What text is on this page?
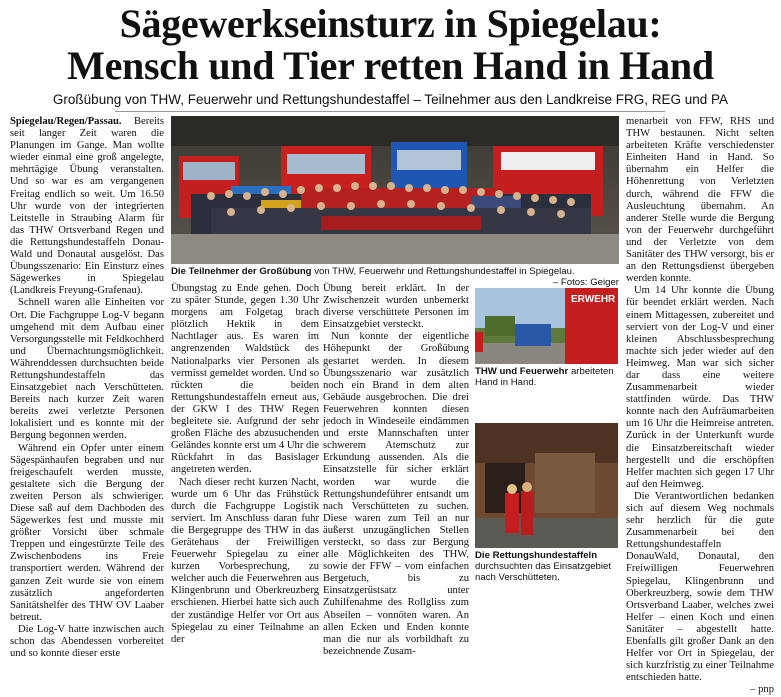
Sägewerkseinsturz in Spiegelau:
Mensch und Tier retten Hand in Hand
Großübung von THW, Feuerwehr und Rettungshundestaffel – Teilnehmer aus den Landkreise FRG, REG und PA

Spiegelau/Regen/Passau. Bereits seit langer Zeit waren die Planungen im Gange. Man wollte wieder einmal eine groß angelegte, mehrtägige Übung veranstalten. Und so war es am vergangenen Freitag endlich so weit. Um 16.50 Uhr wurde von der integrierten Leitstelle in Straubing Alarm für das THW Ortsverband Regen und die Rettungshundestaffeln Donau-Wald und Donautal ausgelöst. Das Übungsszenario: Ein Einsturz eines Sägewerkes in Spiegelau (Landkreis Freyung-Grafenau).

Schnell waren alle Einheiten vor Ort. Die Fachgruppe Log-V begann umgehend mit dem Aufbau einer Versorgungsstelle mit Feldkochherd und Übernachtungsmöglichkeit. Währenddessen durchsuchten beide Rettungshundestaffeln das Einsatzgebiet nach Verschütteten. Bereits nach kurzer Zeit waren bereits zwei verletzte Personen lokalisiert und es konnte mit der Bergung begonnen werden.

Während ein Opfer unter einem Sägespänhaufen begraben und nur freigeschaufelt werden musste, gestaltete sich die Bergung der zweiten Person als schwieriger. Diese saß auf dem Dachboden des Sägewerkes fest und musste mit größter Vorsicht über schmale Treppen und eingestürzte Teile des Zwischenbodens ins Freie transportiert werden. Während der ganzen Zeit wurde sie von einem zusätzlich angeforderten Sanitätshelfer des THW OV Laaber betreut.

Die Log-V hatte inzwischen auch schon das Abendessen vorbereitet und so konnte dieser erste

Die Teilnehmer der Großübung von THW, Feuerwehr und Rettungshundestaffel in Spiegelau.
– Fotos: Geiger

Übungstag zu Ende gehen. Doch zu später Stunde, gegen 1.30 Uhr morgens am Folgetag brach plötzlich Hektik in dem Nachtlager aus. Es waren im angrenzenden Waldstück des Nationalparks vier Personen als vermisst gemeldet worden. Und so rückten die beiden Rettungshundestaffeln erneut aus, der GKW I des THW Regen begleitete sie. Aufgrund der sehr großen Fläche des abzusuchenden Geländes konnte erst um 4 Uhr die Rückfahrt in das Basislager angetreten werden.

Nach dieser recht kurzen Nacht, wurde um 6 Uhr das Frühstück durch die Fachgruppe Logistik serviert. Im Anschluss daran fuhr die Bergegruppe des THW in das Gerätehaus der Freiwilligen Feuerwehr Spiegelau zu einer kurzen Vorbesprechung, zu welcher auch die Feuerwehren aus Klingenbrunn und Oberkreuzberg erschienen. Hierbei hatte sich auch der zuständige Helfer vor Ort aus Spiegelau zu einer Teilnahme an der

Übung bereit erklärt. In der Zwischenzeit wurden unbemerkt diverse verschüttete Personen im Einsatzgebiet versteckt.

Nun konnte der eigentliche Höhepunkt der Großübung gestartet werden. In diesem Übungsszenario war zusätzlich noch ein Brand in dem alten Gebäude ausgebrochen. Die drei Feuerwehren konnten diesen jedoch in Windeseile eindämmen und erste Mannschaften unter schwerem Atemschutz zur Erkundung aussenden. Als die Einsatzstelle für sicher erklärt worden war wurde die Rettungshundeführer entsandt um nach Verschütteten zu suchen. Diese waren zum Teil an nur äußerst unzugänglichen Stellen versteckt, so dass zur Bergung alle Möglichkeiten des THW, sowie der FFW – vom einfachen Bergetuch, bis zu Einsatzgerüstsatz unter Zuhilfenahme des Rollgliss zum Abseilen – vonnöten waren. An allen Ecken und Enden konnte man die nur als vorbildhaft zu bezeichnende Zusam-

ERWEHR
THW und Feuerwehr arbeiteten Hand in Hand.
Die Rettungshundestaffeln durchsuchten das Einsatzgebiet nach Verschütteten.

menarbeit von FFW, RHS und THW bestaunen. Nicht selten arbeiteten Kräfte verschiedenster Einheiten Hand in Hand. So übernahm ein Helfer die Höhenrettung von Verletzten durch, während die FFW die Ausleuchtung übernahm. An anderer Stelle wurde die Bergung von der Feuerwehr durchgeführt und der Verletzte von dem Sanitäter des THW versorgt, bis er an den Rettungsdienst übergeben werden konnte.

Um 14 Uhr konnte die Übung für beendet erklärt werden. Nach einem Mittagessen, zubereitet und serviert von der Log-V und einer kleinen Abschlussbesprechung machte sich jeder wieder auf den Heimweg. Man war sich sicher dar dass eine weitere Zusammenarbeit wieder stattfinden würde. Das THW konnte nach den Aufräumarbeiten um 16 Uhr die Heimreise antreten. Zurück in der Unterkunft wurde die Einsatzbereitschaft wieder hergestellt und die erschöpften Helfer machten sich gegen 17 Uhr auf den Heimweg.

Die Verantwortlichen bedanken sich auf diesem Weg nochmals sehr herzlich für die gute Zusammenarbeit bei den Rettungshundestaffeln DonauWald, Donautal, den Freiwilligen Feuerwehren Spiegelau, Klingenbrunn und Oberkreuzberg, sowie dem THW Ortsverband Laaber, welches zwei Helfer – einen Koch und einen Sanitäter – abgestellt hatte. Ebenfalls gilt großer Dank an den Helfer vor Ort in Spiegelau, der sich kurzfristig zu einer Teilnahme entschieden hatte.

– pnp
